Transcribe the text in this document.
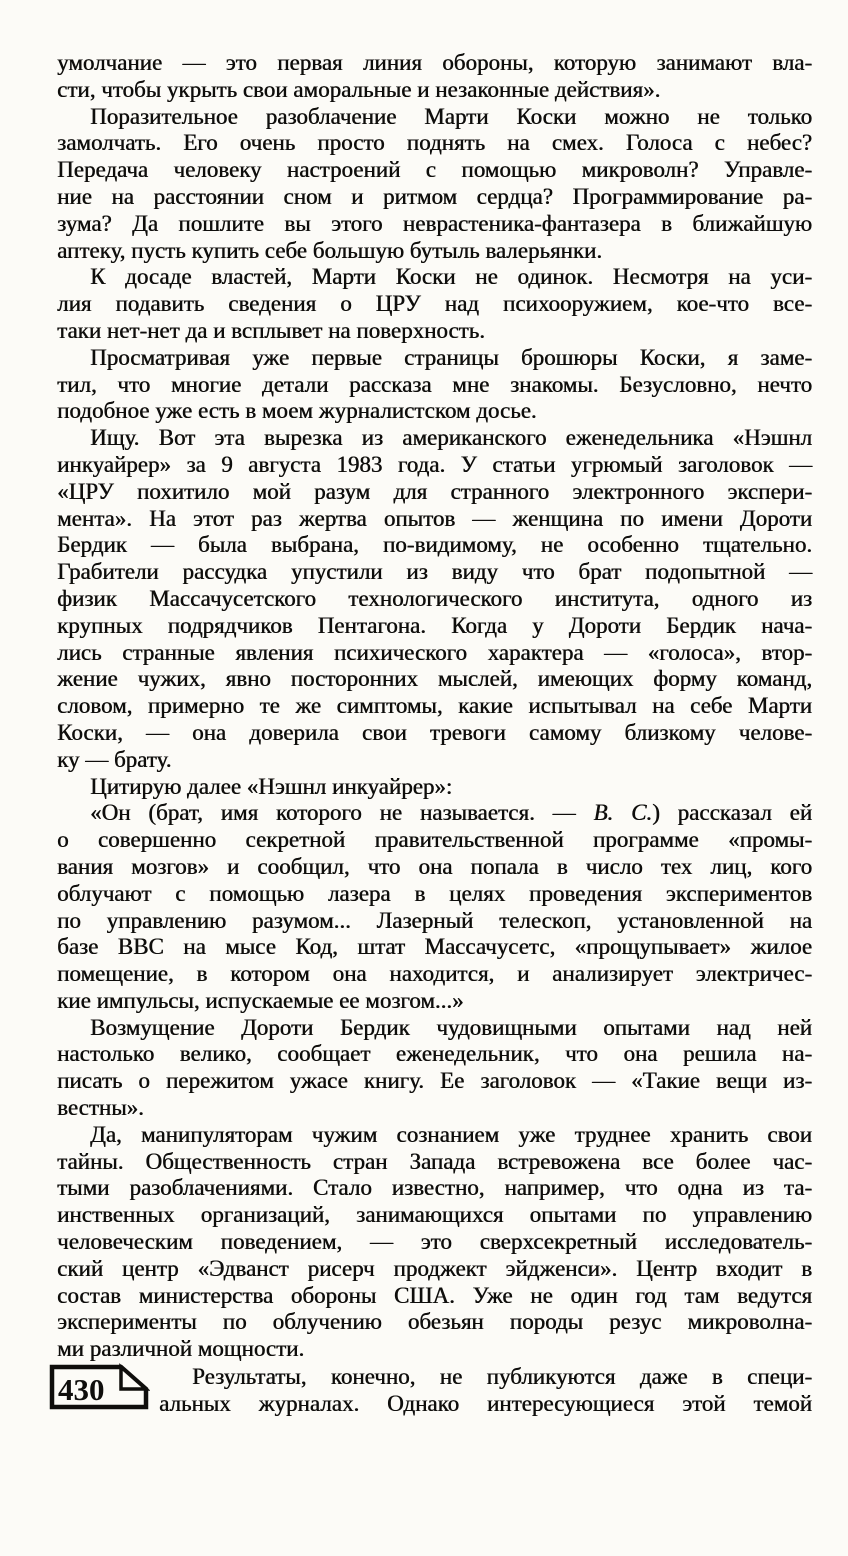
умолчание — это первая линия обороны, которую занимают вла-
сти, чтобы укрыть свои аморальные и незаконные действия».
Поразительное разоблачение Марти Коски можно не только
замолчать. Его очень просто поднять на смех. Голоса с небес?
Передача человеку настроений с помощью микроволн? Управле-
ние на расстоянии сном и ритмом сердца? Программирование ра-
зума? Да пошлите вы этого неврастеника-фантазера в ближайшую
аптеку, пусть купить себе большую бутыль валерьянки.
К досаде властей, Марти Коски не одинок. Несмотря на уси-
лия подавить сведения о ЦРУ над психооружием, кое-что все-
таки нет-нет да и всплывет на поверхность.
Просматривая уже первые страницы брошюры Коски, я заме-
тил, что многие детали рассказа мне знакомы. Безусловно, нечто
подобное уже есть в моем журналистском досье.
Ищу. Вот эта вырезка из американского еженедельника «Нэшнл
инкуайрер» за 9 августа 1983 года. У статьи угрюмый заголовок —
«ЦРУ похитило мой разум для странного электронного экспери-
мента». На этот раз жертва опытов — женщина по имени Дороти
Бердик — была выбрана, по-видимому, не особенно тщательно.
Грабители рассудка упустили из виду что брат подопытной —
физик Массачусетского технологического института, одного из
крупных подрядчиков Пентагона. Когда у Дороти Бердик нача-
лись странные явления психического характера — «голоса», втор-
жение чужих, явно посторонних мыслей, имеющих форму команд,
словом, примерно те же симптомы, какие испытывал на себе Марти
Коски, — она доверила свои тревоги самому близкому челове-
ку — брату.
Цитирую далее «Нэшнл инкуайрер»:
«Он (брат, имя которого не называется. — В. С.) рассказал ей
о совершенно секретной правительственной программе «промы-
вания мозгов» и сообщил, что она попала в число тех лиц, кого
облучают с помощью лазера в целях проведения экспериментов
по управлению разумом... Лазерный телескоп, установленной на
базе ВВС на мысе Код, штат Массачусетс, «прощупывает» жилое
помещение, в котором она находится, и анализирует электричес-
кие импульсы, испускаемые ее мозгом...»
Возмущение Дороти Бердик чудовищными опытами над ней
настолько велико, сообщает еженедельник, что она решила на-
писать о пережитом ужасе книгу. Ее заголовок — «Такие вещи из-
вестны».
Да, манипуляторам чужим сознанием уже труднее хранить свои
тайны. Общественность стран Запада встревожена все более час-
тыми разоблачениями. Стало известно, например, что одна из та-
инственных организаций, занимающихся опытами по управлению
человеческим поведением, — это сверхсекретный исследователь-
ский центр «Эдванст рисерч проджект эйдженси». Центр входит в
состав министерства обороны США. Уже не один год там ведутся
эксперименты по облучению обезьян породы резус микроволна-
ми различной мощности.
430	Результаты, конечно, не публикуются даже в специ-
альных журналах. Однако интересующиеся этой темой
